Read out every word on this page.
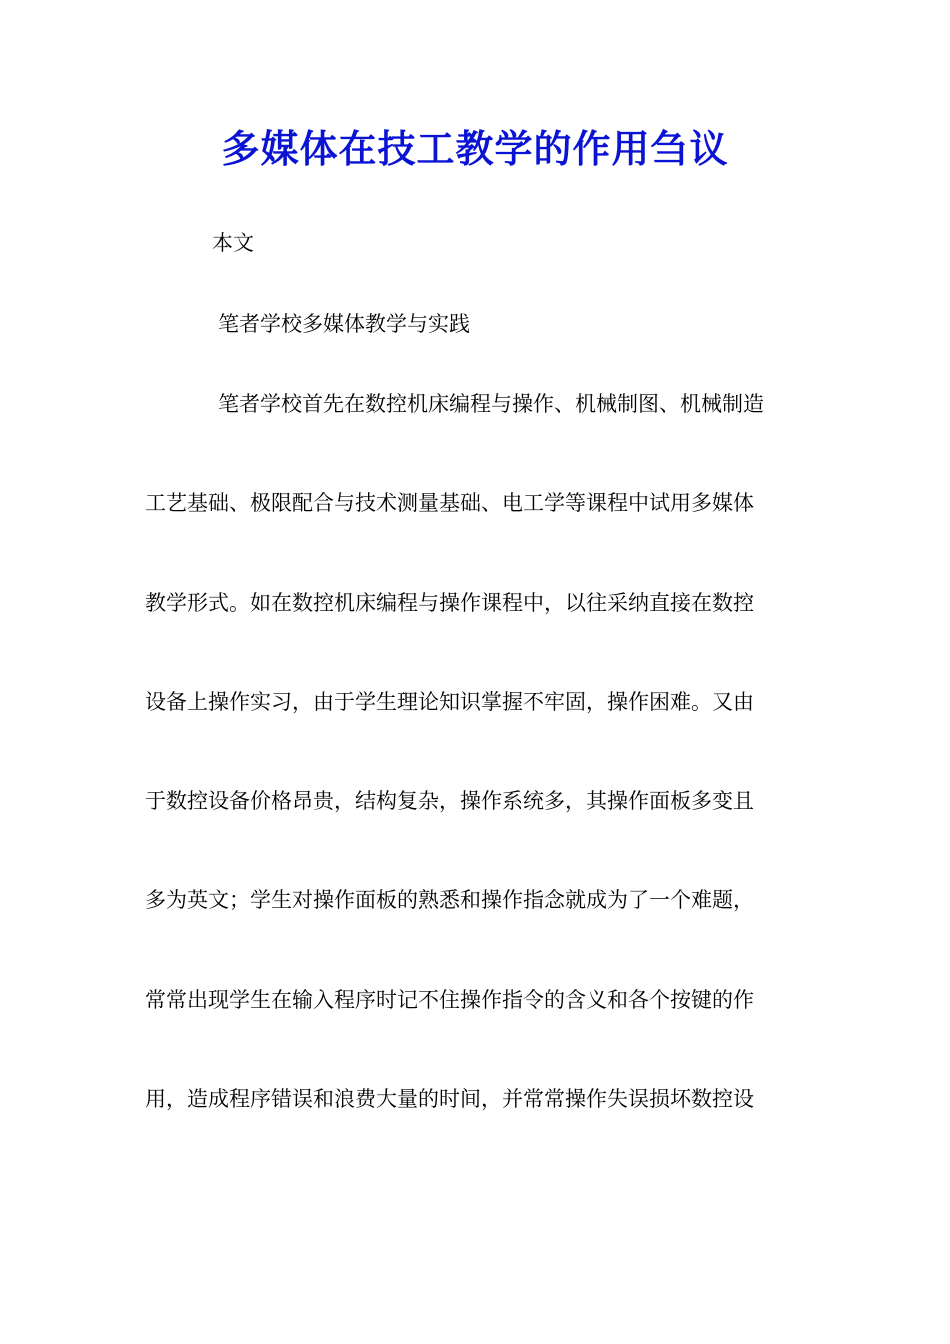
多媒体在技工教学的作用刍议
本文
笔者学校多媒体教学与实践
笔者学校首先在数控机床编程与操作、机械制图、机械制造
工艺基础、极限配合与技术测量基础、电工学等课程中试用多媒体
教学形式。如在数控机床编程与操作课程中，以往采纳直接在数控
设备上操作实习，由于学生理论知识掌握不牢固，操作困难。又由
于数控设备价格昂贵，结构复杂，操作系统多，其操作面板多变且
多为英文；学生对操作面板的熟悉和操作指念就成为了一个难题，
常常出现学生在输入程序时记不住操作指令的含义和各个按键的作
用，造成程序错误和浪费大量的时间，并常常操作失误损坏数控设
